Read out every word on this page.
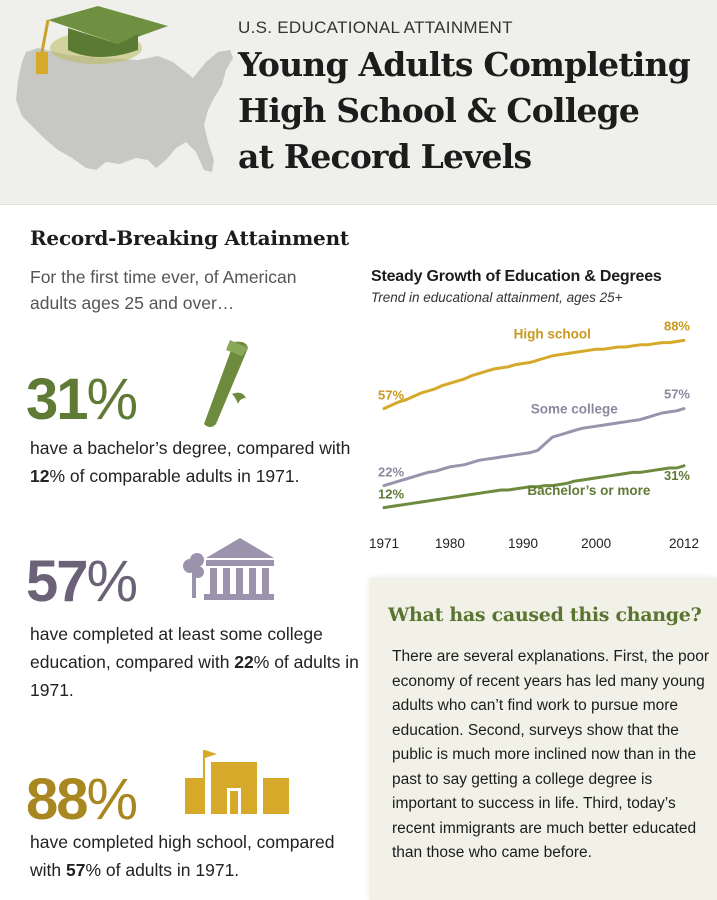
U.S. EDUCATIONAL ATTAINMENT
Young Adults Completing
High School & College
at Record Levels
Record-Breaking Attainment
For the first time ever, of American adults ages 25 and over…
31%
have a bachelor’s degree, compared with 12% of comparable adults in 1971.
57%
have completed at least some college education, compared with 22% of adults in 1971.
88%
have completed high school, compared with 57% of adults in 1971.
Steady Growth of Education & Degrees
Trend in educational attainment, ages 25+
57%
88%
High school
22%
57%
Some college
12%
31%
Bachelor’s or more
1971	1980	1990	2000	2012
What has caused this change?
There are several explanations. First, the poor economy of recent years has led many young adults who can’t find work to pursue more education. Second, surveys show that the public is much more inclined now than in the past to say getting a college degree is important to success in life. Third, today’s recent immigrants are much better educated than those who came before.
